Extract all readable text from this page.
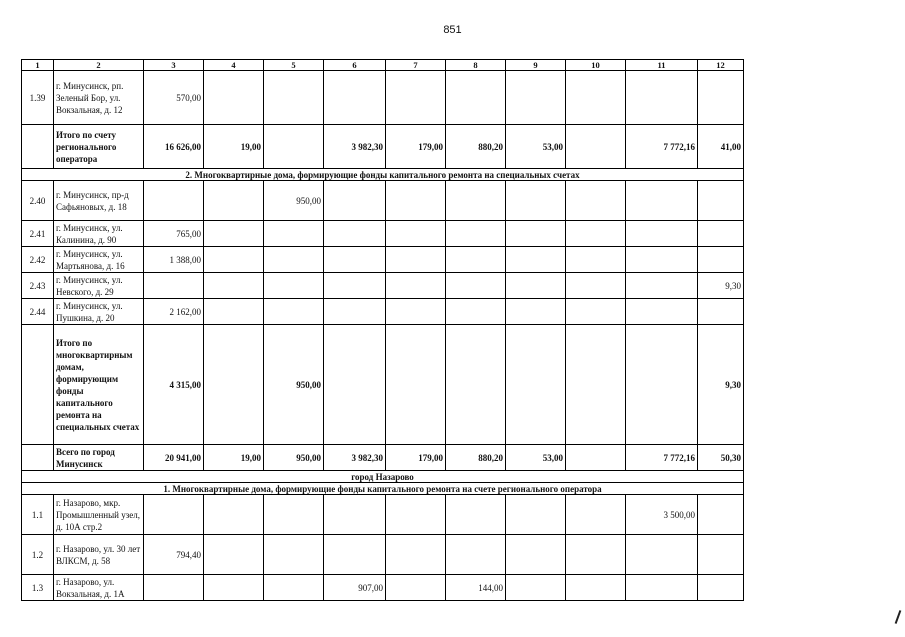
851
1	2	3	4	5	6	7	8	9	10	11	12
1.39	г. Минусинск, рп. Зеленый Бор, ул. Вокзальная, д. 12	570,00									
	Итого по счету регионального оператора	16 626,00	19,00		3 982,30	179,00	880,20	53,00		7 772,16	41,00
2. Многоквартирные дома, формирующие фонды капитального ремонта на специальных счетах											
2.40	г. Минусинск, пр-д Сафьяновых, д. 18			950,00							
2.41	г. Минусинск, ул. Калинина, д. 90	765,00									
2.42	г. Минусинск, ул. Мартьянова, д. 16	1 388,00									
2.43	г. Минусинск, ул. Невского, д. 29										9,30
2.44	г. Минусинск, ул. Пушкина, д. 20	2 162,00									
	Итого по многоквартирным домам, формирующим фонды капитального ремонта на специальных счетах	4 315,00		950,00							9,30
	Всего по город Минусинск	20 941,00	19,00	950,00	3 982,30	179,00	880,20	53,00		7 772,16	50,30
город Назарово											
1. Многоквартирные дома, формирующие фонды капитального ремонта на счете регионального оператора											
1.1	г. Назарово, мкр. Промышленный узел, д. 10А стр.2									3 500,00	
1.2	г. Назарово, ул. 30 лет ВЛКСМ, д. 58	794,40									
1.3	г. Назарово, ул. Вокзальная, д. 1А				907,00		144,00				
